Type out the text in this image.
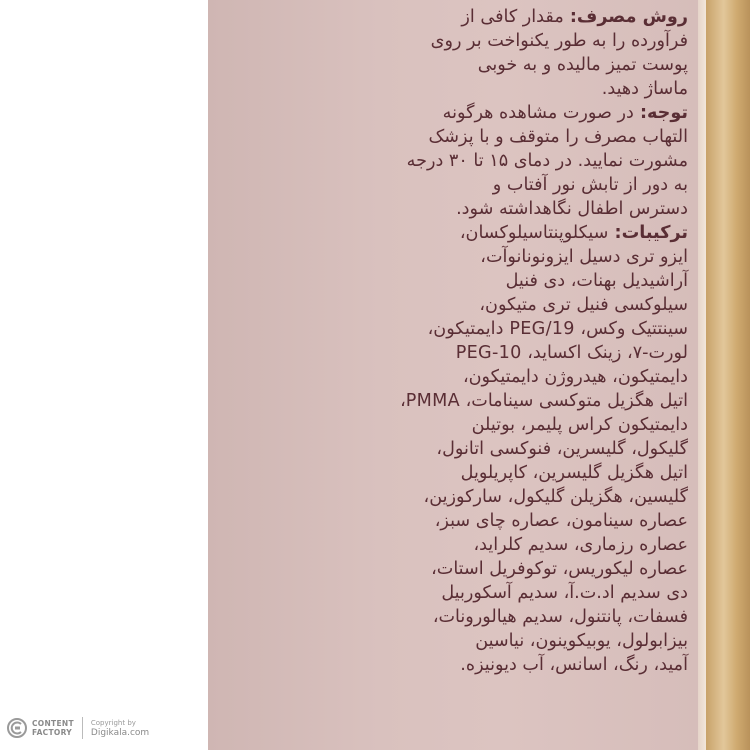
روش مصرف: مقدار کافی از
فرآورده را به طور یکنواخت بر روی
پوست تمیز مالیده و به خوبی
ماساژ دهید.
توجه: در صورت مشاهده هرگونه
التهاب مصرف را متوقف و با پزشک
مشورت نمایید. در دمای ۱۵ تا ۳۰ درجه
به دور از تابش نور آفتاب و
دسترس اطفال نگاهداشته شود.
ترکیبات: سیکلوپنتاسیلوکسان،
ایزو تری دسیل ایزونونانوآت،
آراشیدیل بهنات، دی فنیل
سیلوکسی فنیل تری متیکون،
سینتتیک وکس، PEG/19 دایمتیکون،
لورت-۷، زینک اکساید، PEG-10
دایمتیکون، هیدروژن دایمتیکون،
اتیل هگزیل متوکسی سینامات، PMMA،
دایمتیکون کراس پلیمر، بوتیلن
گلیکول، گلیسرین، فنوکسی اتانول،
اتیل هگزیل گلیسرین، کاپریلویل
گلیسین، هگزیلن گلیکول، سارکوزین،
عصاره سینامون، عصاره چای سبز،
عصاره رزماری، سدیم کلراید،
عصاره لیکوریس، توکوفریل استات،
دی سدیم اد.ت.آ، سدیم آسکوربیل
فسفات، پانتنول، سدیم هیالورونات،
بیزابولول، یوبیکوینون، نیاسین
آمید، رنگ، اسانس، آب دیونیزه.
CONTENT
FACTORY
Copyright by
Digikala.com
